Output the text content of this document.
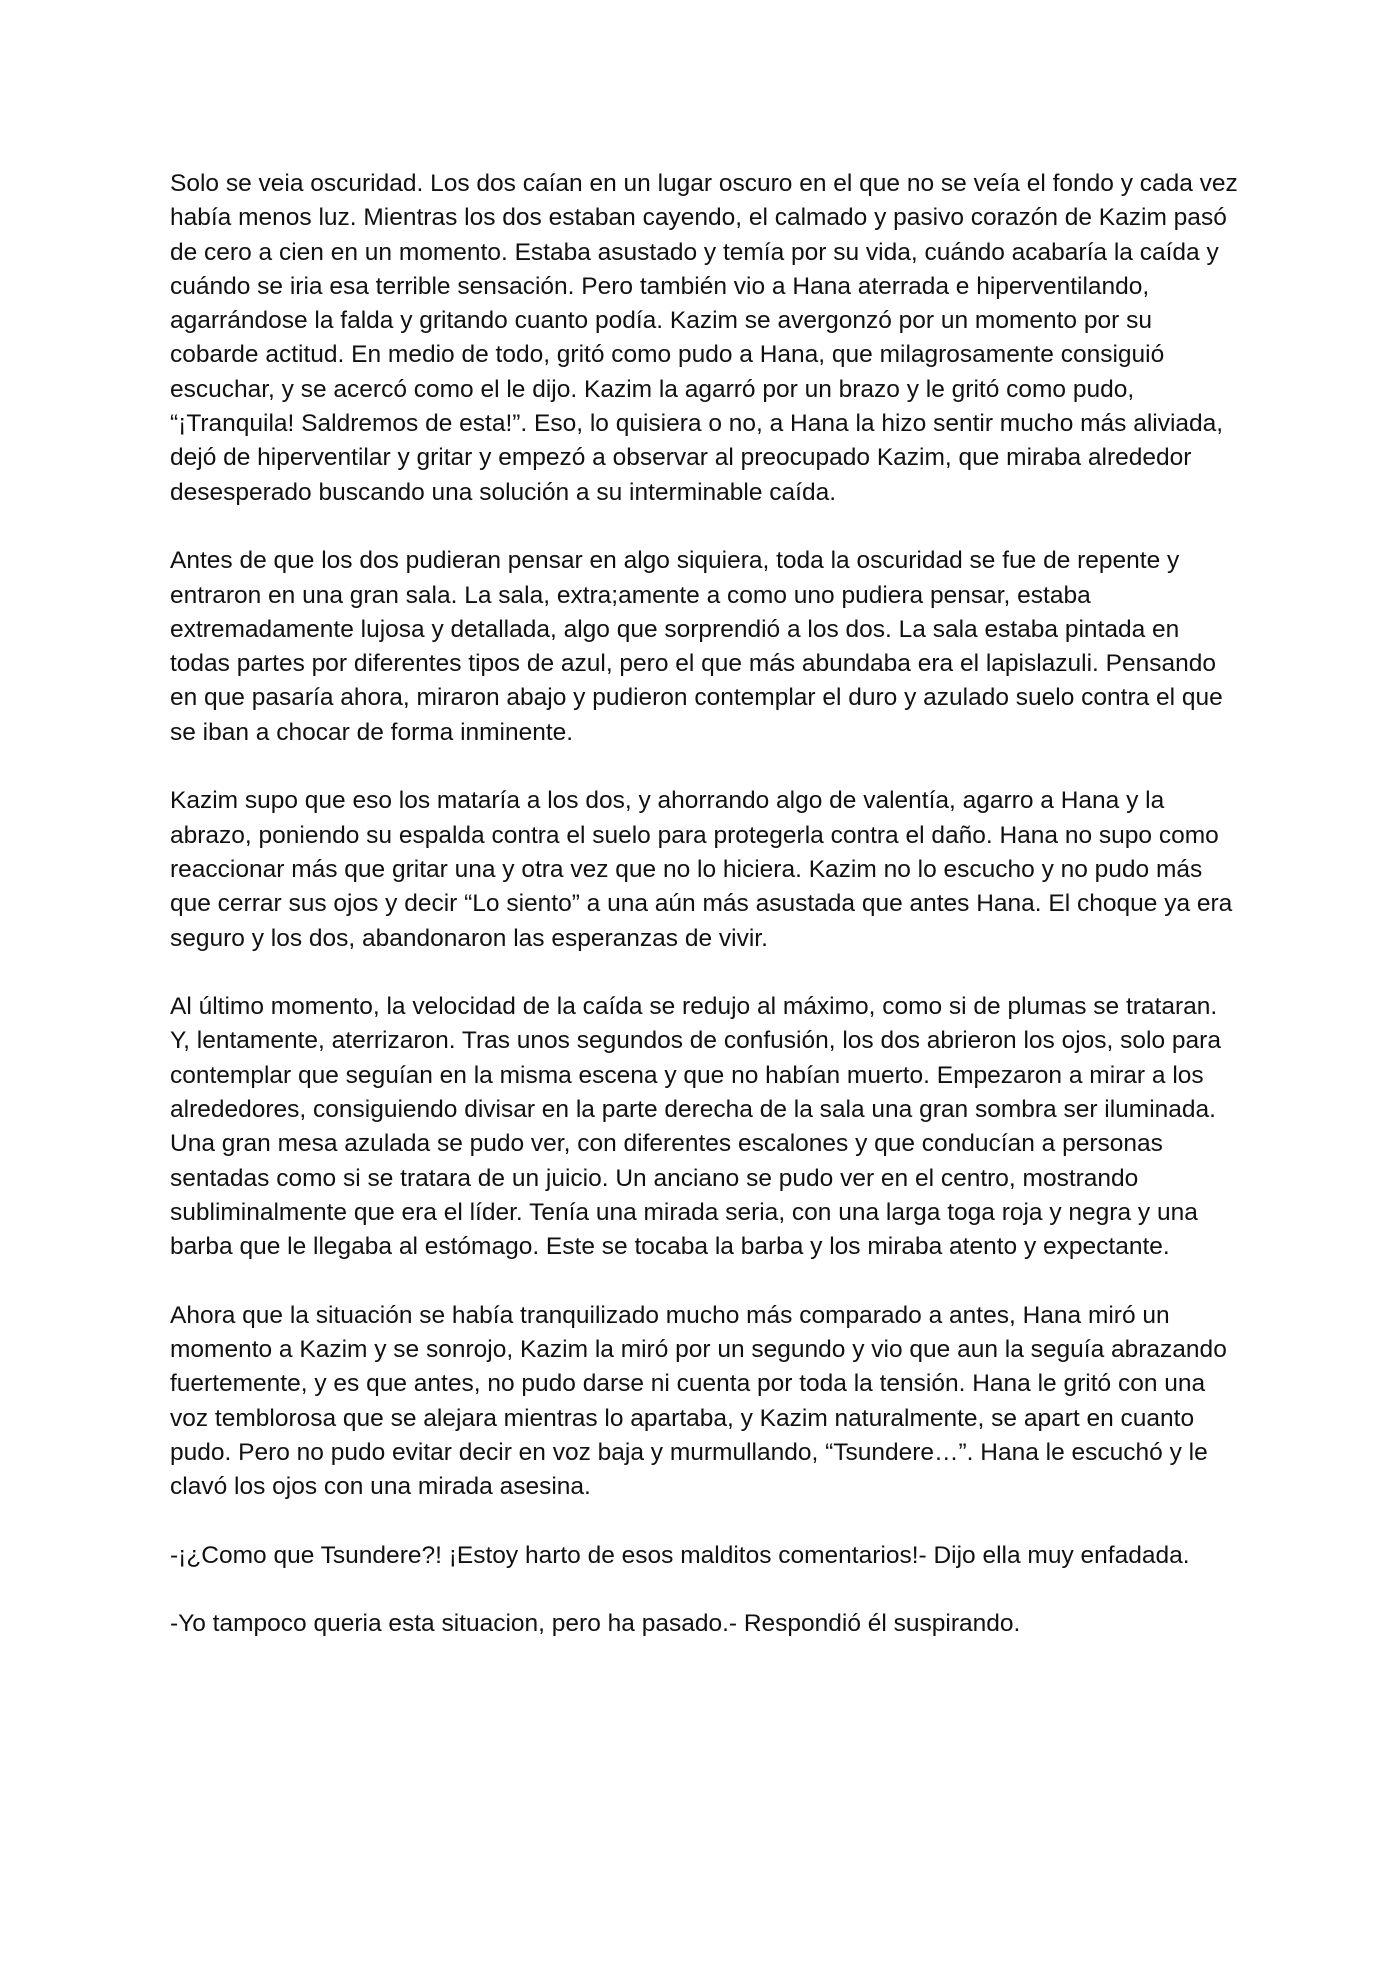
Solo se veia oscuridad. Los dos caían en un lugar oscuro en el que no se veía el fondo y cada vez había menos luz. Mientras los dos estaban cayendo, el calmado y pasivo corazón de Kazim pasó de cero a cien en un momento. Estaba asustado y temía por su vida, cuándo acabaría la caída y cuándo se iria esa terrible sensación. Pero también vio a Hana aterrada e hiperventilando, agarrándose la falda y gritando cuanto podía. Kazim se avergonzó por un momento por su cobarde actitud. En medio de todo, gritó como pudo a Hana, que milagrosamente consiguió escuchar, y se acercó como el le dijo. Kazim la agarró por un brazo y le gritó como pudo, “¡Tranquila! Saldremos de esta!”. Eso, lo quisiera o no, a Hana la hizo sentir mucho más aliviada, dejó de hiperventilar y gritar y empezó a observar al preocupado Kazim, que miraba alrededor desesperado buscando una solución a su interminable caída.

Antes de que los dos pudieran pensar en algo siquiera, toda la oscuridad se fue de repente y entraron en una gran sala. La sala, extra;amente a como uno pudiera pensar, estaba extremadamente lujosa y detallada, algo que sorprendió a los dos. La sala estaba pintada en todas partes por diferentes tipos de azul, pero el que más abundaba era el lapislazuli. Pensando en que pasaría ahora, miraron abajo y pudieron contemplar el duro y azulado suelo contra el que se iban a chocar de forma inminente.

Kazim supo que eso los mataría a los dos, y ahorrando algo de valentía, agarro a Hana y la abrazo, poniendo su espalda contra el suelo para protegerla contra el daño. Hana no supo como reaccionar más que gritar una y otra vez que no lo hiciera. Kazim no lo escucho y no pudo más que cerrar sus ojos y decir “Lo siento” a una aún más asustada que antes Hana. El choque ya era seguro y los dos, abandonaron las esperanzas de vivir.

Al último momento, la velocidad de la caída se redujo al máximo, como si de plumas se trataran. Y, lentamente, aterrizaron. Tras unos segundos de confusión, los dos abrieron los ojos, solo para contemplar que seguían en la misma escena y que no habían muerto. Empezaron a mirar a los alrededores, consiguiendo divisar en la parte derecha de la sala una gran sombra ser iluminada. Una gran mesa azulada se pudo ver, con diferentes escalones y que conducían a personas sentadas como si se tratara de un juicio. Un anciano se pudo ver en el centro, mostrando subliminalmente que era el líder. Tenía una mirada seria, con una larga toga roja y negra y una barba que le llegaba al estómago. Este se tocaba la barba y los miraba atento y expectante.

Ahora que la situación se había tranquilizado mucho más comparado a antes, Hana miró un momento a Kazim y se sonrojo, Kazim la miró por un segundo y vio que aun la seguía abrazando fuertemente, y es que antes, no pudo darse ni cuenta por toda la tensión. Hana le gritó con una voz temblorosa que se alejara mientras lo apartaba, y Kazim naturalmente, se apart en cuanto pudo. Pero no pudo evitar decir en voz baja y murmullando, “Tsundere…”. Hana le escuchó y le clavó los ojos con una mirada asesina.

-¡¿Como que Tsundere?! ¡Estoy harto de esos malditos comentarios!- Dijo ella muy enfadada.

-Yo tampoco queria esta situacion, pero ha pasado.- Respondió él suspirando.
